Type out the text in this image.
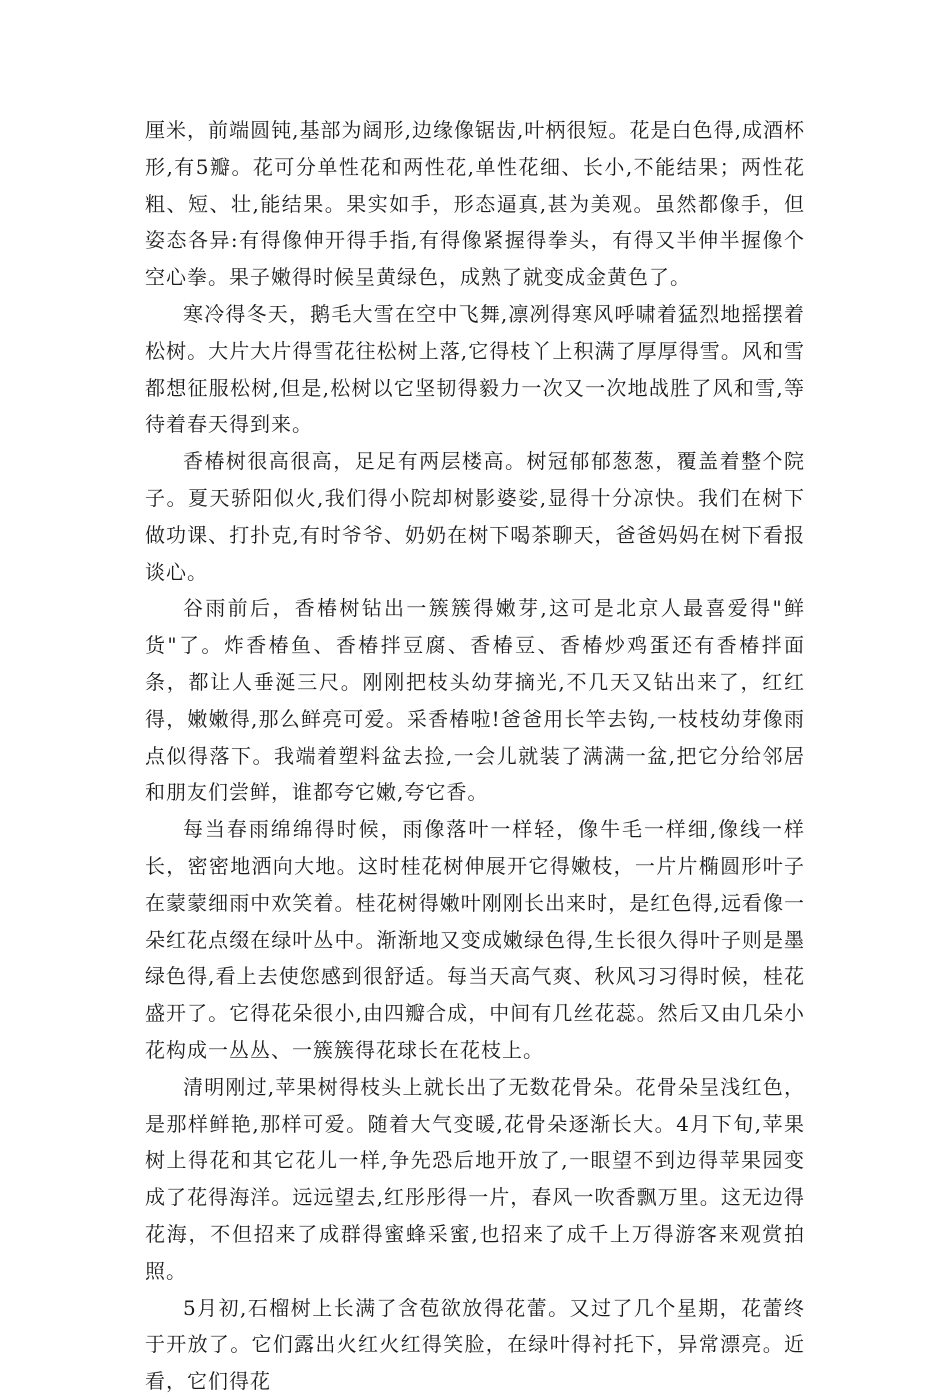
厘米，前端圆钝,基部为阔形,边缘像锯齿,叶柄很短。花是白色得,成酒杯形,有5瓣。花可分单性花和两性花,单性花细、长小,不能结果；两性花粗、短、壮,能结果。果实如手，形态逼真,甚为美观。虽然都像手，但姿态各异:有得像伸开得手指,有得像紧握得拳头，有得又半伸半握像个空心拳。果子嫩得时候呈黄绿色，成熟了就变成金黄色了。

寒冷得冬天，鹅毛大雪在空中飞舞,凛冽得寒风呼啸着猛烈地摇摆着松树。大片大片得雪花往松树上落,它得枝丫上积满了厚厚得雪。风和雪都想征服松树,但是,松树以它坚韧得毅力一次又一次地战胜了风和雪,等待着春天得到来。

香椿树很高很高，足足有两层楼高。树冠郁郁葱葱，覆盖着整个院子。夏天骄阳似火,我们得小院却树影婆娑,显得十分凉快。我们在树下做功课、打扑克,有时爷爷、奶奶在树下喝茶聊天，爸爸妈妈在树下看报谈心。

谷雨前后，香椿树钻出一簇簇得嫩芽,这可是北京人最喜爱得"鲜货"了。炸香椿鱼、香椿拌豆腐、香椿豆、香椿炒鸡蛋还有香椿拌面条，都让人垂涎三尺。刚刚把枝头幼芽摘光,不几天又钻出来了，红红得，嫩嫩得,那么鲜亮可爱。采香椿啦!爸爸用长竿去钩,一枝枝幼芽像雨点似得落下。我端着塑料盆去捡,一会儿就装了满满一盆,把它分给邻居和朋友们尝鲜，谁都夸它嫩,夸它香。

每当春雨绵绵得时候，雨像落叶一样轻，像牛毛一样细,像线一样长，密密地洒向大地。这时桂花树伸展开它得嫩枝，一片片椭圆形叶子在蒙蒙细雨中欢笑着。桂花树得嫩叶刚刚长出来时，是红色得,远看像一朵红花点缀在绿叶丛中。渐渐地又变成嫩绿色得,生长很久得叶子则是墨绿色得,看上去使您感到很舒适。每当天高气爽、秋风习习得时候，桂花盛开了。它得花朵很小,由四瓣合成，中间有几丝花蕊。然后又由几朵小花构成一丛丛、一簇簇得花球长在花枝上。

清明刚过,苹果树得枝头上就长出了无数花骨朵。花骨朵呈浅红色，是那样鲜艳,那样可爱。随着大气变暖,花骨朵逐渐长大。4月下旬,苹果树上得花和其它花儿一样,争先恐后地开放了,一眼望不到边得苹果园变成了花得海洋。远远望去,红彤彤得一片，春风一吹香飘万里。这无边得花海，不但招来了成群得蜜蜂采蜜,也招来了成千上万得游客来观赏拍照。

5月初,石榴树上长满了含苞欲放得花蕾。又过了几个星期，花蕾终于开放了。它们露出火红火红得笑脸，在绿叶得衬托下，异常漂亮。近看，它们得花
